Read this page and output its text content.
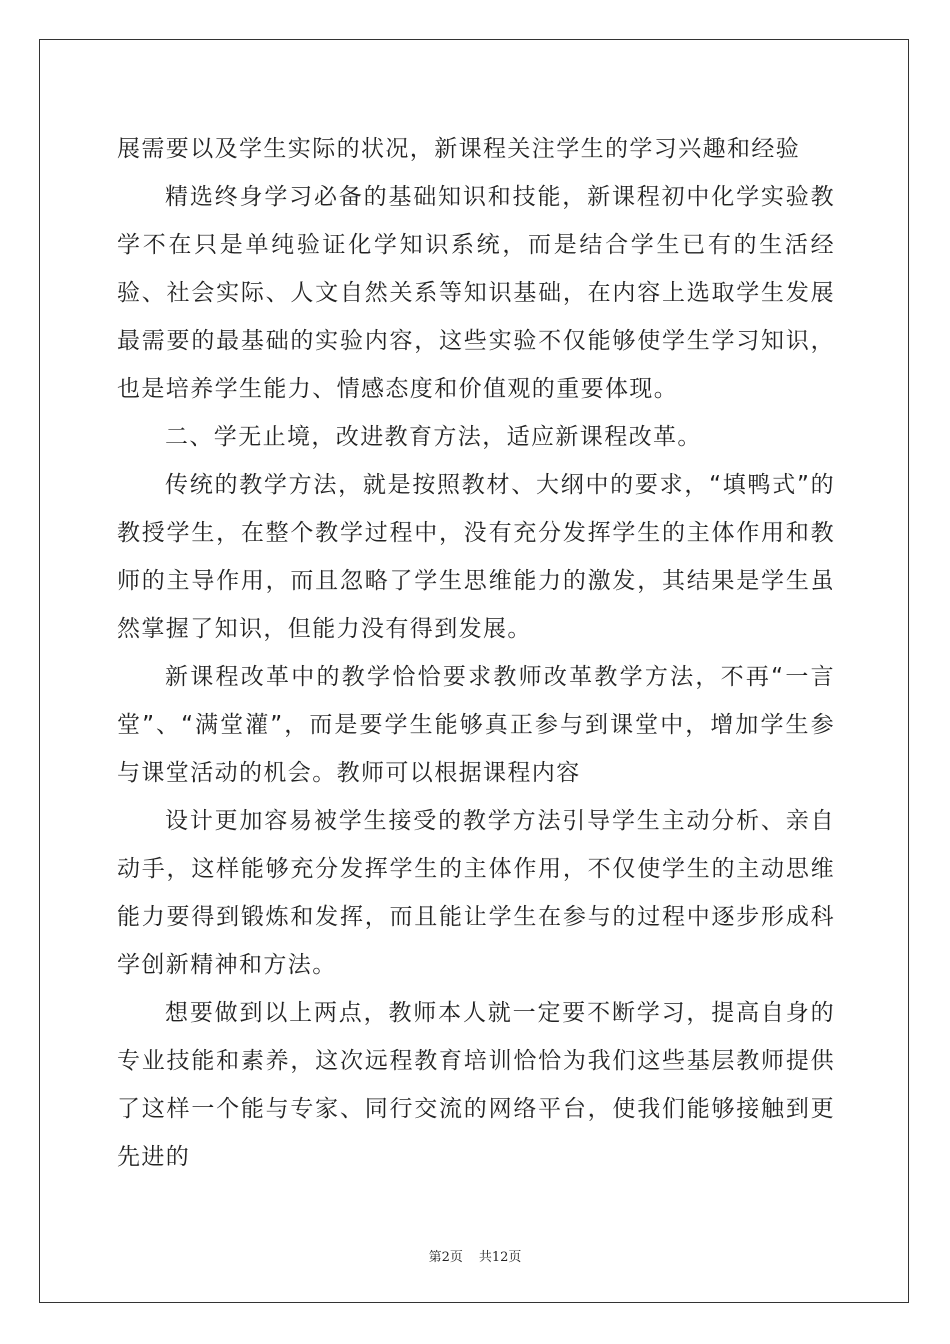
展需要以及学生实际的状况，新课程关注学生的学习兴趣和经验

精选终身学习必备的基础知识和技能，新课程初中化学实验教学不在只是单纯验证化学知识系统，而是结合学生已有的生活经验、社会实际、人文自然关系等知识基础，在内容上选取学生发展最需要的最基础的实验内容，这些实验不仅能够使学生学习知识，也是培养学生能力、情感态度和价值观的重要体现。

二、学无止境，改进教育方法，适应新课程改革。

传统的教学方法，就是按照教材、大纲中的要求，“填鸭式”的教授学生，在整个教学过程中，没有充分发挥学生的主体作用和教师的主导作用，而且忽略了学生思维能力的激发，其结果是学生虽然掌握了知识，但能力没有得到发展。

新课程改革中的教学恰恰要求教师改革教学方法，不再“一言堂”、“满堂灌”，而是要学生能够真正参与到课堂中，增加学生参与课堂活动的机会。教师可以根据课程内容

设计更加容易被学生接受的教学方法引导学生主动分析、亲自动手，这样能够充分发挥学生的主体作用，不仅使学生的主动思维能力要得到锻炼和发挥，而且能让学生在参与的过程中逐步形成科学创新精神和方法。

想要做到以上两点，教师本人就一定要不断学习，提高自身的专业技能和素养，这次远程教育培训恰恰为我们这些基层教师提供了这样一个能与专家、同行交流的网络平台，使我们能够接触到更先进的

第2页 共12页
